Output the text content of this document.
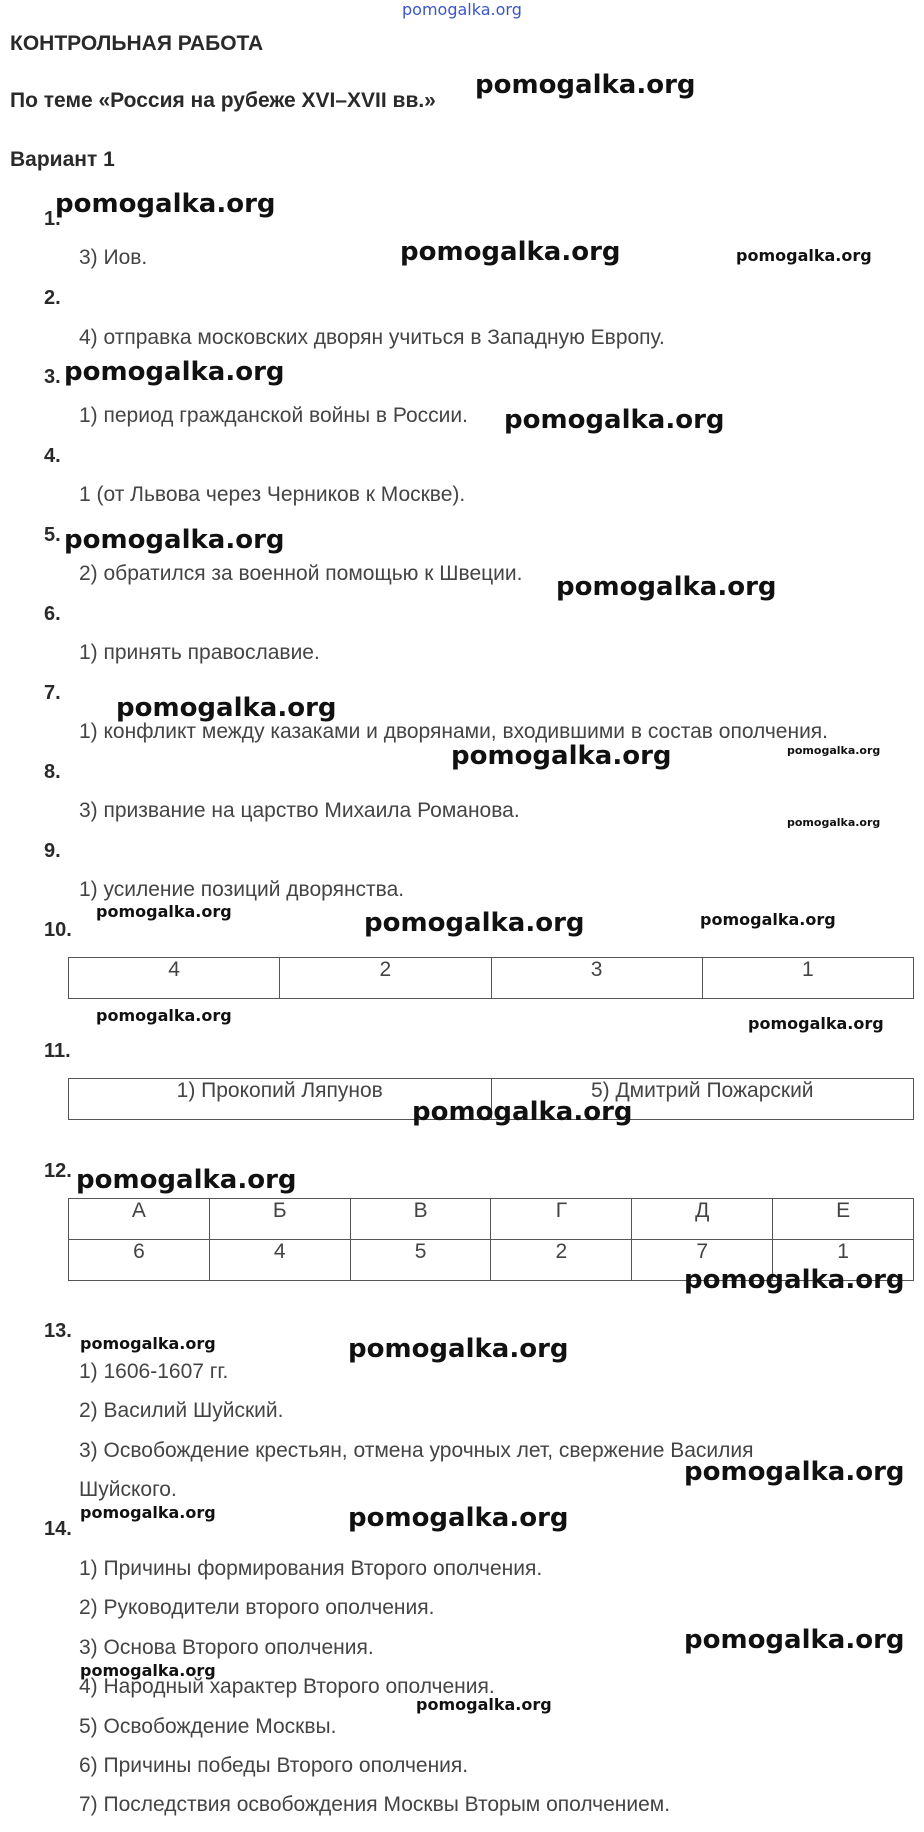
pomogalka.org
КОНТРОЛЬНАЯ РАБОТА
По теме «Россия на рубеже XVI–XVII вв.»
Вариант 1
1.
3) Иов.
2.
4) отправка московских дворян учиться в Западную Европу.
3.
1) период гражданской войны в России.
4.
1 (от Львова через Черников к Москве).
5.
2) обратился за военной помощью к Швеции.
6.
1) принять православие.
7.
1) конфликт между казаками и дворянами, входившими в состав ополчения.
8.
3) призвание на царство Михаила Романова.
9.
1) усиление позиций дворянства.
10.
4	2	3	1
11.
1) Прокопий Ляпунов	5) Дмитрий Пожарский
12.
А	Б	В	Г	Д	Е
6	4	5	2	7	1
13.
1) 1606-1607 гг.
2) Василий Шуйский.
3) Освобождение крестьян, отмена урочных лет, свержение Василия
Шуйского.
14.
1) Причины формирования Второго ополчения.
2) Руководители второго ополчения.
3) Основа Второго ополчения.
4) Народный характер Второго ополчения.
5) Освобождение Москвы.
6) Причины победы Второго ополчения.
7) Последствия освобождения Москвы Вторым ополчением.
pomogalka.org
pomogalka.org
pomogalka.org	pomogalka.org
pomogalka.org
pomogalka.org
pomogalka.org
pomogalka.org
pomogalka.org
pomogalka.org	pomogalka.org
pomogalka.org
pomogalka.org	pomogalka.org	pomogalka.org
pomogalka.org	pomogalka.org
pomogalka.org
pomogalka.org
pomogalka.org
pomogalka.org	pomogalka.org
pomogalka.org
pomogalka.org	pomogalka.org
pomogalka.org
pomogalka.org
pomogalka.org
